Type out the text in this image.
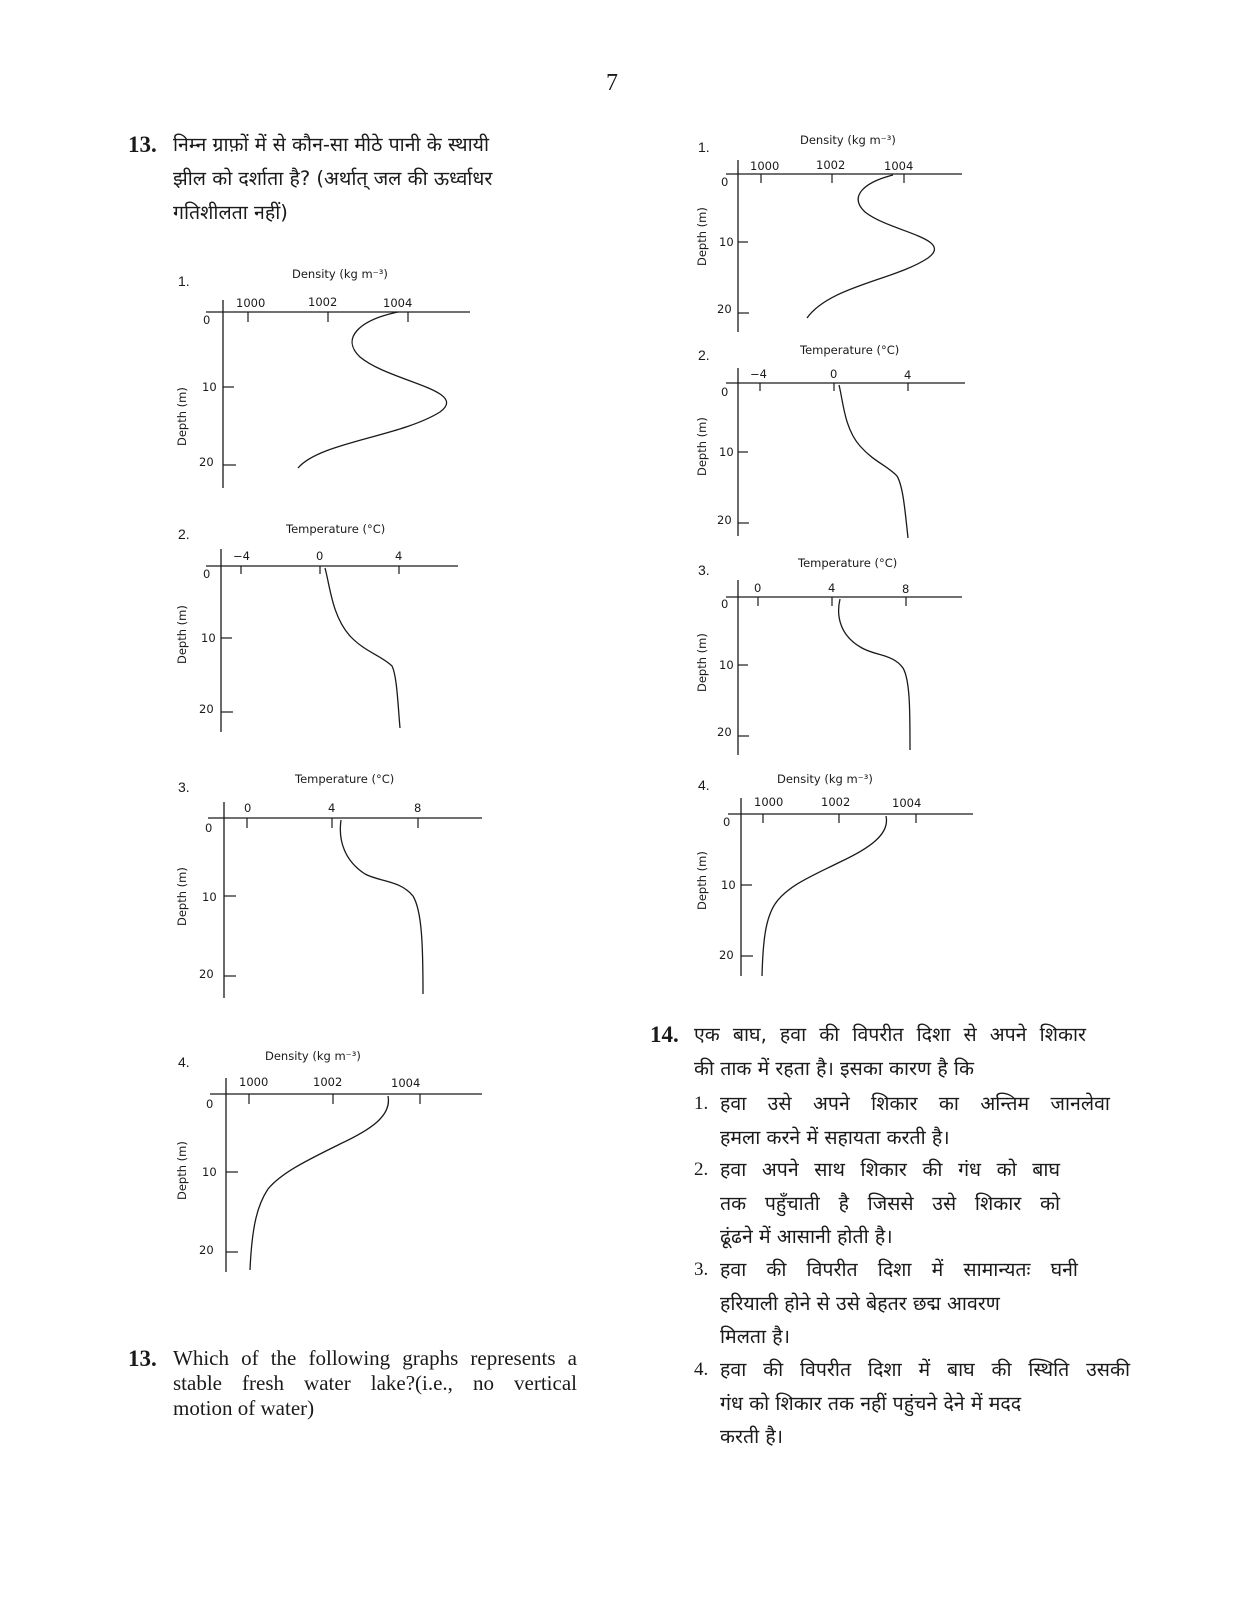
7
13. निम्न ग्राफ़ों में से कौन-सा मीठे पानी के स्थायी
झील को दर्शाता है? (अर्थात् जल की ऊर्ध्वाधर
गतिशीलता नहीं)
13. Which of the following graphs represents a
stable fresh water lake?(i.e., no vertical
motion of water)
1.	Density (kg m⁻³)
1000	1002	1004
0
10
20
Depth (m)
2.	Temperature (°C)
−4	0	4
0
10
20
Depth (m)
3.	Temperature (°C)
0	4	8
0
10
20
Depth (m)
4.	Density (kg m⁻³)
1000	1002	1004
0
10
20
Depth (m)
1.	Density (kg m⁻³)
1000	1002	1004
0
10
20
Depth (m)
2.	Temperature (°C)
−4	0	4
0
10
20
Depth (m)
3.	Temperature (°C)
0	4	8
0
10
20
Depth (m)
4.	Density (kg m⁻³)
1000	1002	1004
0
10
20
Depth (m)
14. एक बाघ, हवा की विपरीत दिशा से अपने शिकार
की ताक में रहता है। इसका कारण है कि
1. हवा उसे अपने शिकार का अन्तिम जानलेवा
हमला करने में सहायता करती है।
2. हवा अपने साथ शिकार की गंध को बाघ
तक पहुँचाती है जिससे उसे शिकार को
ढूंढने में आसानी होती है।
3. हवा की विपरीत दिशा में सामान्यतः घनी
हरियाली होने से उसे बेहतर छद्म आवरण
मिलता है।
4. हवा की विपरीत दिशा में बाघ की स्थिति उसकी
गंध को शिकार तक नहीं पहुंचने देने में मदद
करती है।
